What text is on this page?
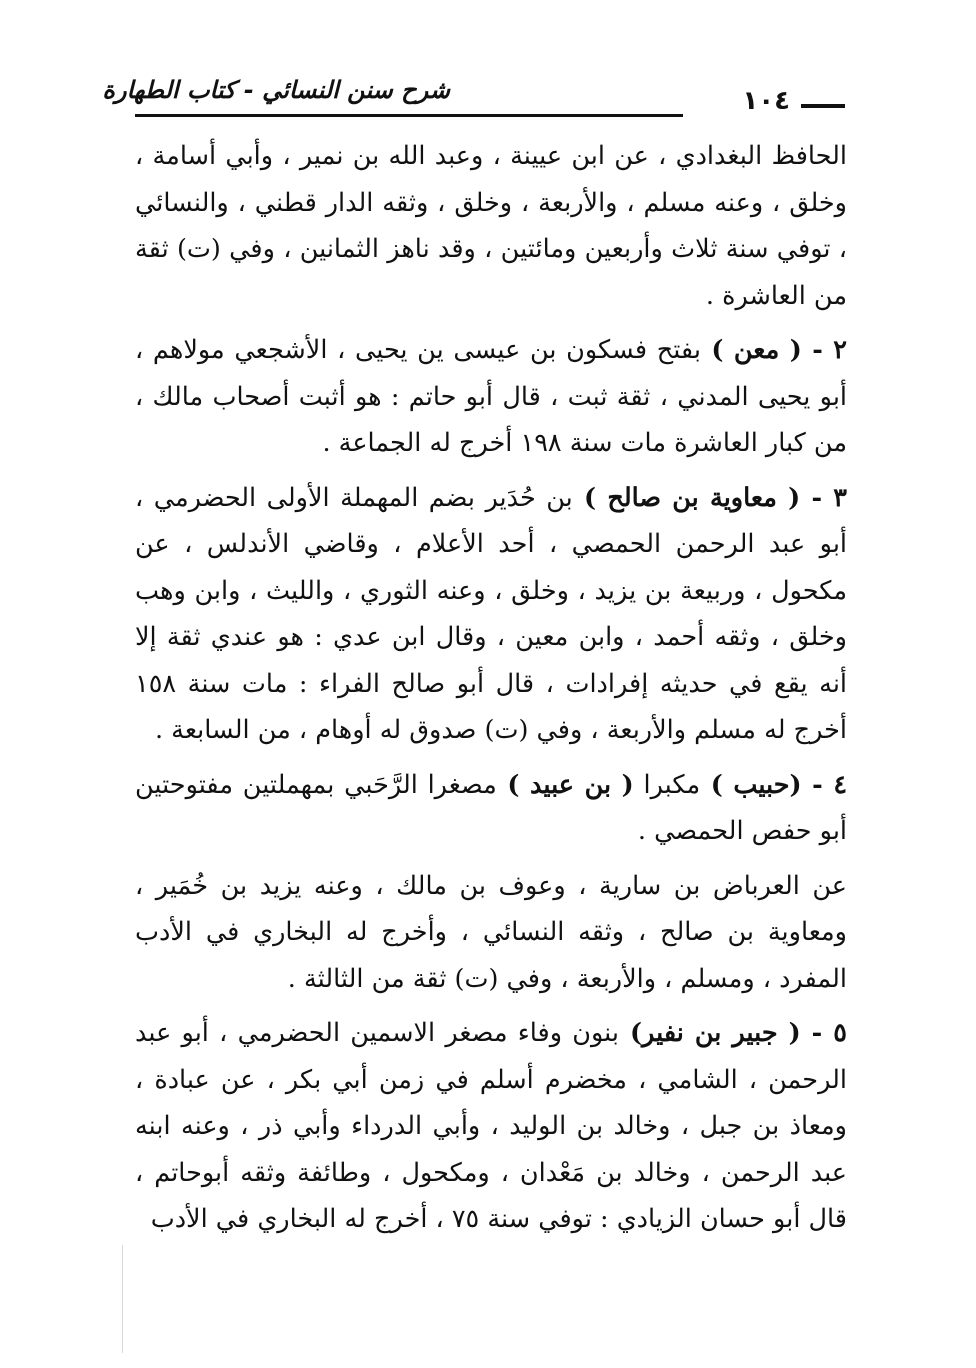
شرح سنن النسائي - كتاب الطهارة	١٠٤

الحافظ البغدادي ، عن ابن عيينة ، وعبد الله بن نمير ، وأبي أسامة ، وخلق ، وعنه مسلم ، والأربعة ، وخلق ، وثقه الدار قطني ، والنسائي ، توفي سنة ثلاث وأربعين ومائتين ، وقد ناهز الثمانين ، وفي (ت) ثقة من العاشرة .

٢ - ( معن ) بفتح فسكون بن عيسى ين يحيى ، الأشجعي مولاهم ، أبو يحيى المدني ، ثقة ثبت ، قال أبو حاتم : هو أثبت أصحاب مالك ، من كبار العاشرة مات سنة ١٩٨ أخرج له الجماعة .

٣ - ( معاوية بن صالح ) بن حُدَير بضم المهملة الأولى الحضرمي ، أبو عبد الرحمن الحمصي ، أحد الأعلام ، وقاضي الأندلس ، عن مكحول ، وربيعة بن يزيد ، وخلق ، وعنه الثوري ، والليث ، وابن وهب وخلق ، وثقه أحمد ، وابن معين ، وقال ابن عدي : هو عندي ثقة إلا أنه يقع في حديثه إفرادات ، قال أبو صالح الفراء : مات سنة ١٥٨ أخرج له مسلم والأربعة ، وفي (ت) صدوق له أوهام ، من السابعة .

٤ - (حبيب ) مكبرا ( بن عبيد ) مصغرا الرَّحَبي بمهملتين مفتوحتين أبو حفص الحمصي .

عن العرباض بن سارية ، وعوف بن مالك ، وعنه يزيد بن خُمَير ، ومعاوية بن صالح ، وثقه النسائي ، وأخرج له البخاري في الأدب المفرد ، ومسلم ، والأربعة ، وفي (ت) ثقة من الثالثة .

٥ - ( جبير بن نفير) بنون وفاء مصغر الاسمين الحضرمي ، أبو عبد الرحمن ، الشامي ، مخضرم أسلم في زمن أبي بكر ، عن عبادة ، ومعاذ بن جبل ، وخالد بن الوليد ، وأبي الدرداء وأبي ذر ، وعنه ابنه عبد الرحمن ، وخالد بن مَعْدان ، ومكحول ، وطائفة وثقه أبوحاتم ، قال أبو حسان الزيادي : توفي سنة ٧٥ ، أخرج له البخاري في الأدب
